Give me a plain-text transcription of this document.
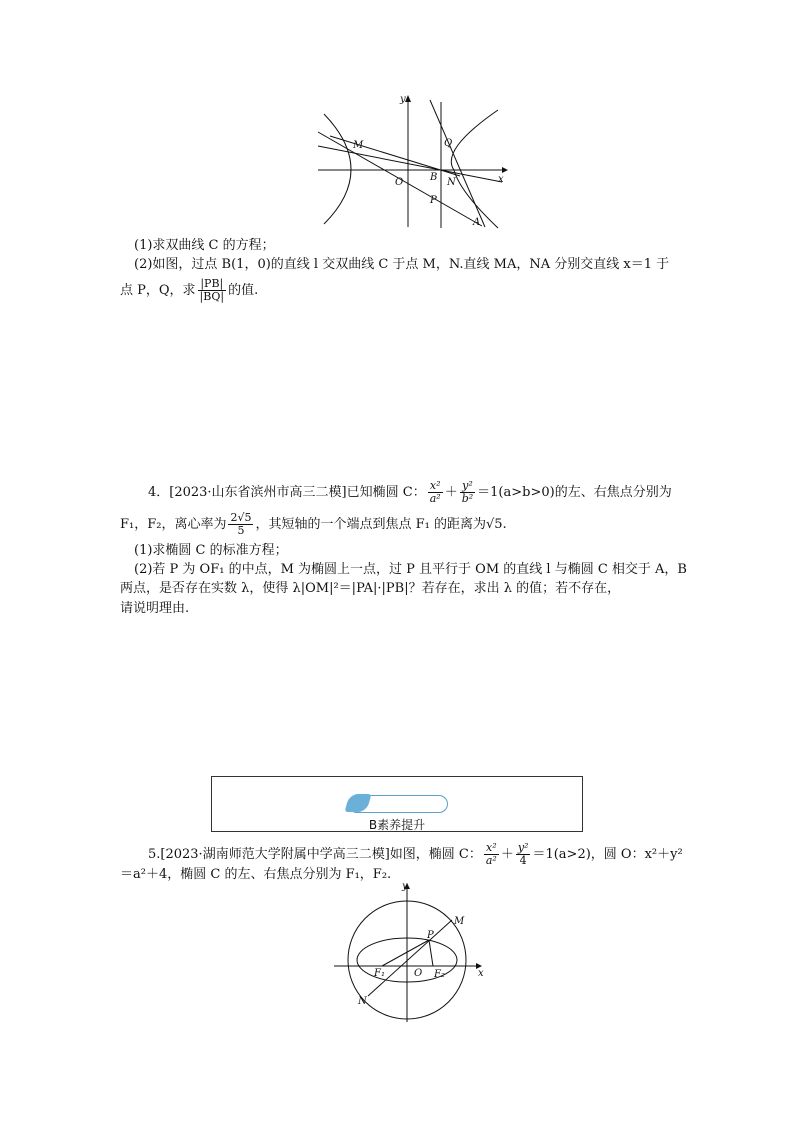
y
x
M	Q
O	B N
P
A
(1)求双曲线 C 的方程；
(2)如图，过点 B(1，0)的直线 l 交双曲线 C 于点 M，N.直线 MA，NA 分别交直线 x＝1 于
点 P，Q，求 $\frac{|PB|}{|BQ|}$ 的值.
4．[2023·山东省滨州市高三二模]已知椭圆 C： $\frac{\text{x²}}{\text{a²}} + \frac{\text{y²}}{\text{b²}} =1(a>b>0)$的左、右焦点分别为
F₁，F₂，离心率为 $\frac{2√5}{5}$ ，其短轴的一个端点到焦点 F₁ 的距离为√5.
(1)求椭圆 C 的标准方程；
(2)若 P 为 OF₁ 的中点，M 为椭圆上一点，过 P 且平行于 OM 的直线 l 与椭圆 C 相交于 A，B
两点，是否存在实数 λ，使得 λ|OM|²＝|PA|·|PB|？若存在，求出 λ 的值；若不存在，
请说明理由.
B素养提升
5.[2023·湖南师范大学附属中学高三二模]如图，椭圆 C： $\frac{\text{x²}}{\text{a²}} + \frac{\text{y²}}{4} =1(a>2)$，圆 O：x²＋y²
＝a²＋4，椭圆 C 的左、右焦点分别为 F₁，F₂.
y
x
M
P
F₁	O F₂
N
